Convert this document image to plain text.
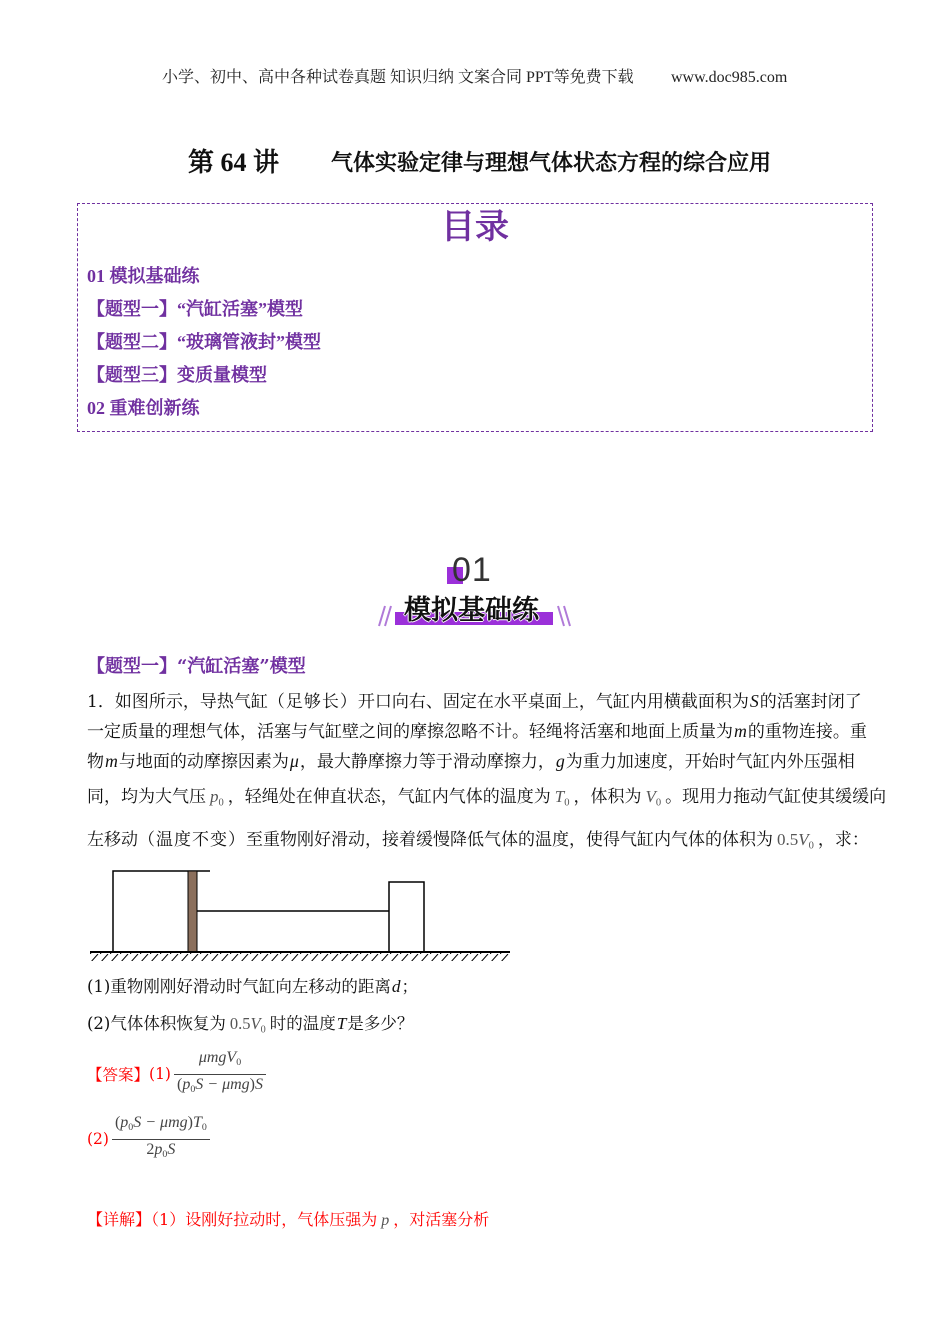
小学、初中、高中各种试卷真题 知识归纳 文案合同 PPT等免费下载 www.doc985.com
第 64 讲 气体实验定律与理想气体状态方程的综合应用
目录
01 模拟基础练
【题型一】“汽缸活塞”模型
【题型二】“玻璃管液封”模型
【题型三】变质量模型
02 重难创新练
01
模拟基础练
【题型一】“汽缸活塞”模型
1．如图所示，导热气缸（足够长）开口向右、固定在水平桌面上，气缸内用横截面积为S的活塞封闭了
一定质量的理想气体，活塞与气缸壁之间的摩擦忽略不计。轻绳将活塞和地面上质量为m的重物连接。重
物m与地面的动摩擦因素为μ，最大静摩擦力等于滑动摩擦力，g为重力加速度，开始时气缸内外压强相
同，均为大气压 p0 ，轻绳处在伸直状态，气缸内气体的温度为 T0 ，体积为 V0 。现用力拖动气缸使其缓缓向
左移动（温度不变）至重物刚好滑动，接着缓慢降低气体的温度，使得气缸内气体的体积为 0.5V0 ，求：
(1)重物刚刚好滑动时气缸向左移动的距离d；
(2)气体体积恢复为 0.5V0 时的温度T是多少？
【答案】 $(1) \frac{\text{μmgV0}}{\text{(p0S − μmg)S}}$
$(2) \frac{\text{(p0S − μmg)T0}}{2p0S}$
【详解】（1）设刚好拉动时，气体压强为 p ，对活塞分析
